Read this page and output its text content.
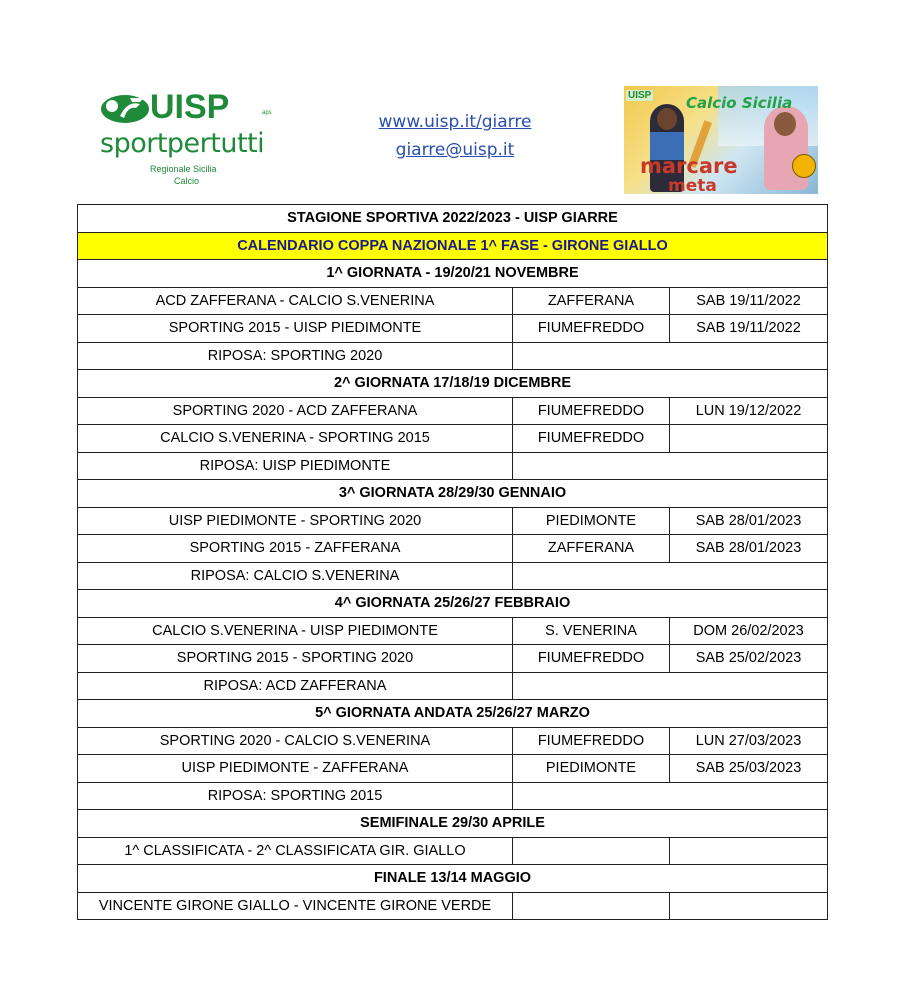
UISP	aps
sportpertutti
Regionale Sicilia
Calcio
www.uisp.it/giarre
giarre@uisp.it
UISP Calcio Sicilia
marcare
meta
STAGIONE SPORTIVA 2022/2023 - UISP GIARRE		
CALENDARIO COPPA NAZIONALE 1^ FASE - GIRONE GIALLO		
1^ GIORNATA - 19/20/21 NOVEMBRE		
ACD ZAFFERANA - CALCIO S.VENERINA	ZAFFERANA	SAB 19/11/2022
SPORTING 2015 - UISP PIEDIMONTE	FIUMEFREDDO	SAB 19/11/2022
RIPOSA: SPORTING 2020		
2^ GIORNATA 17/18/19 DICEMBRE		
SPORTING 2020 - ACD ZAFFERANA	FIUMEFREDDO	LUN 19/12/2022
CALCIO S.VENERINA - SPORTING 2015	FIUMEFREDDO	
RIPOSA: UISP PIEDIMONTE		
3^ GIORNATA 28/29/30 GENNAIO		
UISP PIEDIMONTE - SPORTING 2020	PIEDIMONTE	SAB 28/01/2023
SPORTING 2015 - ZAFFERANA	ZAFFERANA	SAB 28/01/2023
RIPOSA: CALCIO S.VENERINA		
4^ GIORNATA 25/26/27 FEBBRAIO		
CALCIO S.VENERINA - UISP PIEDIMONTE	S. VENERINA	DOM 26/02/2023
SPORTING 2015 - SPORTING 2020	FIUMEFREDDO	SAB 25/02/2023
RIPOSA: ACD ZAFFERANA		
5^ GIORNATA ANDATA 25/26/27 MARZO		
SPORTING 2020 - CALCIO S.VENERINA	FIUMEFREDDO	LUN 27/03/2023
UISP PIEDIMONTE - ZAFFERANA	PIEDIMONTE	SAB 25/03/2023
RIPOSA: SPORTING 2015		
SEMIFINALE 29/30 APRILE		
1^ CLASSIFICATA - 2^ CLASSIFICATA GIR. GIALLO		
FINALE 13/14 MAGGIO		
VINCENTE GIRONE GIALLO - VINCENTE GIRONE VERDE		
